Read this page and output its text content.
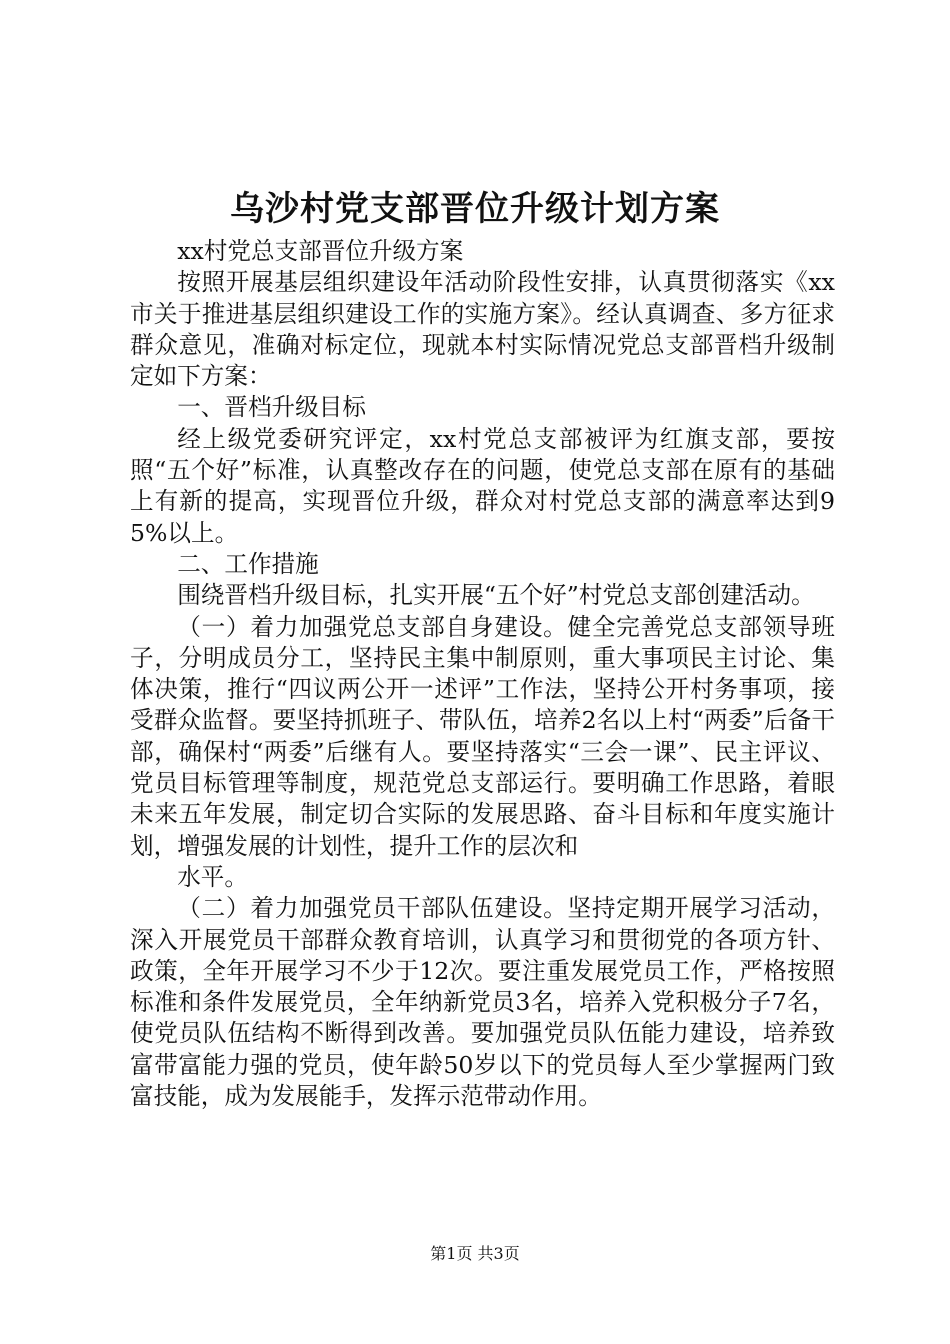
乌沙村党支部晋位升级计划方案

xx村党总支部晋位升级方案

按照开展基层组织建设年活动阶段性安排，认真贯彻落实《xx市关于推进基层组织建设工作的实施方案》。经认真调查、多方征求群众意见，准确对标定位，现就本村实际情况党总支部晋档升级制定如下方案：

一、晋档升级目标

经上级党委研究评定，xx村党总支部被评为红旗支部，要按照“五个好”标准，认真整改存在的问题，使党总支部在原有的基础上有新的提高，实现晋位升级，群众对村党总支部的满意率达到95%以上。

二、工作措施

围绕晋档升级目标，扎实开展“五个好”村党总支部创建活动。

（一）着力加强党总支部自身建设。健全完善党总支部领导班子，分明成员分工，坚持民主集中制原则，重大事项民主讨论、集体决策，推行“四议两公开一述评”工作法，坚持公开村务事项，接受群众监督。要坚持抓班子、带队伍，培养2名以上村“两委”后备干部，确保村“两委”后继有人。要坚持落实“三会一课”、民主评议、党员目标管理等制度，规范党总支部运行。要明确工作思路，着眼未来五年发展，制定切合实际的发展思路、奋斗目标和年度实施计划，增强发展的计划性，提升工作的层次和

水平。

（二）着力加强党员干部队伍建设。坚持定期开展学习活动，深入开展党员干部群众教育培训，认真学习和贯彻党的各项方针、政策，全年开展学习不少于12次。要注重发展党员工作，严格按照标准和条件发展党员，全年纳新党员3名，培养入党积极分子7名，使党员队伍结构不断得到改善。要加强党员队伍能力建设，培养致富带富能力强的党员，使年龄50岁以下的党员每人至少掌握两门致富技能，成为发展能手，发挥示范带动作用。

第1页 共3页
